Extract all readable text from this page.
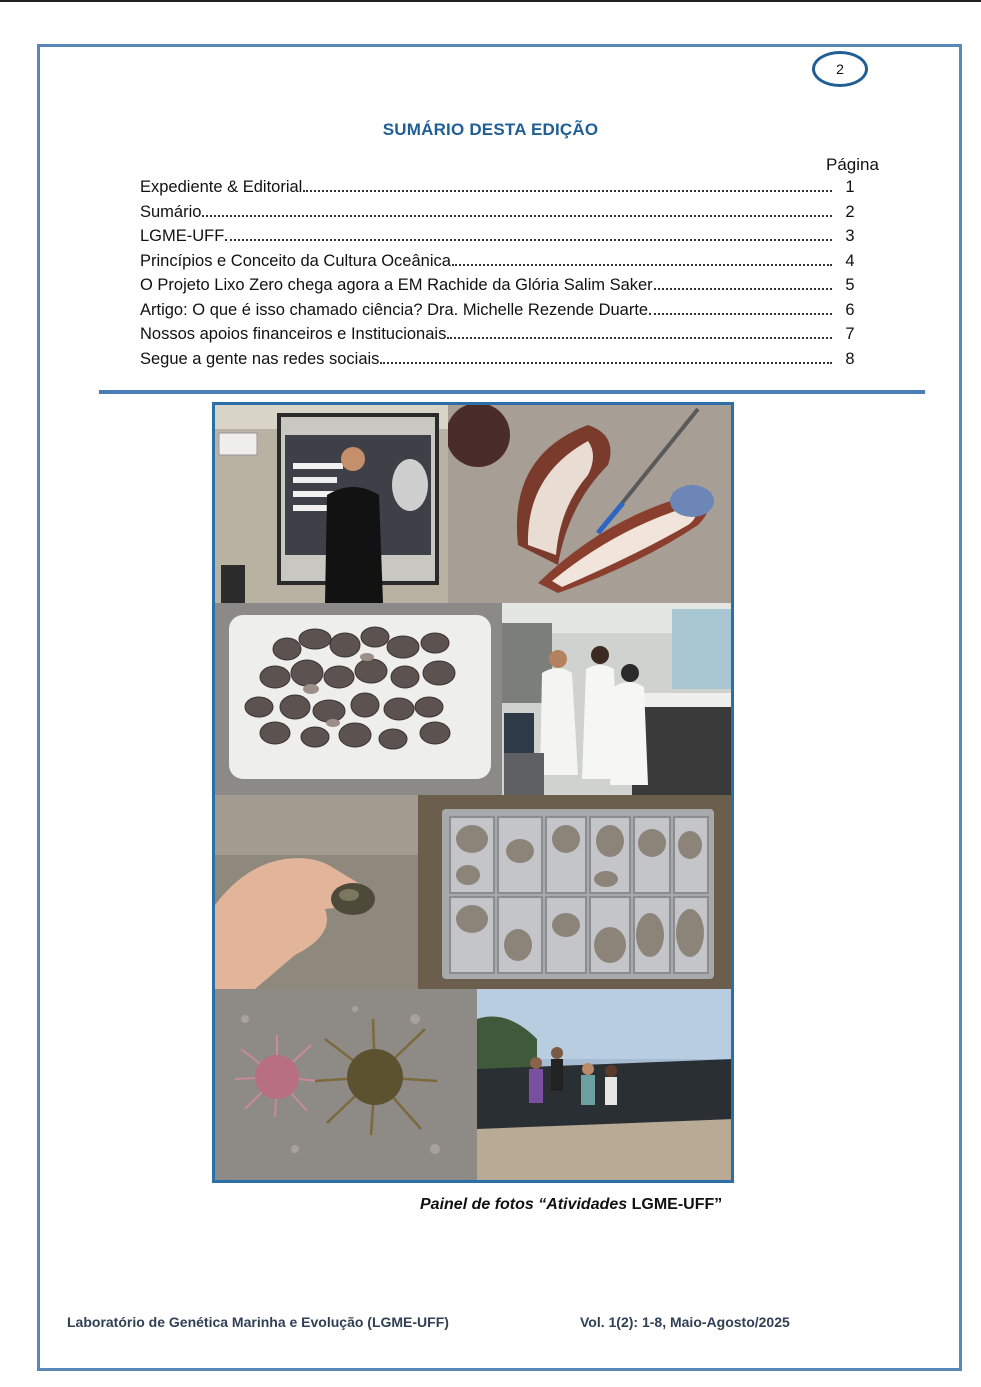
2
SUMÁRIO DESTA EDIÇÃO
Página
Expediente & Editorial	1
Sumário	2
LGME-UFF	3
Princípios e Conceito da Cultura Oceânica	4
O Projeto Lixo Zero chega agora a EM Rachide da Glória Salim Saker	5
Artigo: O que é isso chamado ciência? Dra. Michelle Rezende Duarte	6
Nossos apoios financeiros e Institucionais	7
Segue a gente nas redes sociais	8
Painel de fotos “Atividades LGME-UFF”
Laboratório de Genética Marinha e Evolução (LGME-UFF)	Vol. 1(2): 1-8, Maio-Agosto/2025
